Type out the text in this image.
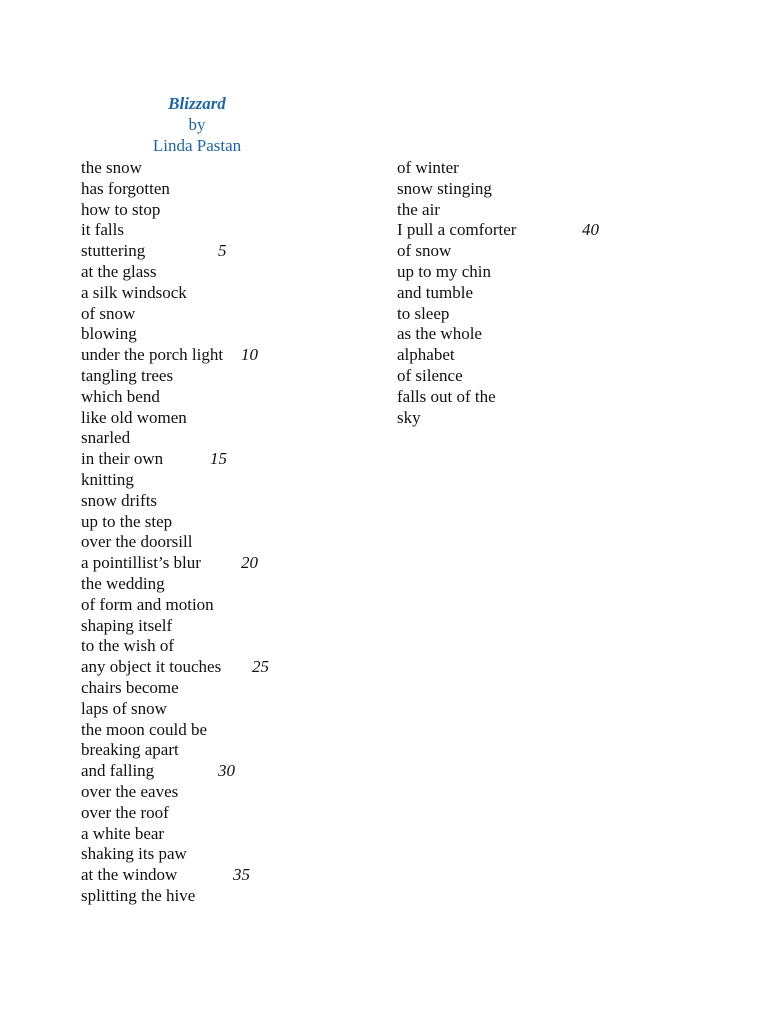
Blizzard
by
Linda Pastan
the snow
has forgotten
how to stop
it falls
stuttering	5
at the glass
a silk windsock
of snow
blowing
under the porch light 10
tangling trees
which bend
like old women
snarled
in their own	15
knitting
snow drifts
up to the step
over the doorsill
a pointillist’s blur 20
the wedding
of form and motion
shaping itself
to the wish of
any object it touches 25
chairs become
laps of snow
the moon could be
breaking apart
and falling	30
over the eaves
over the roof
a white bear
shaking its paw
at the window	35
splitting the hive
of winter
snow stinging
the air
I pull a comforter	40
of snow
up to my chin
and tumble
to sleep
as the whole
alphabet
of silence
falls out of the
sky
